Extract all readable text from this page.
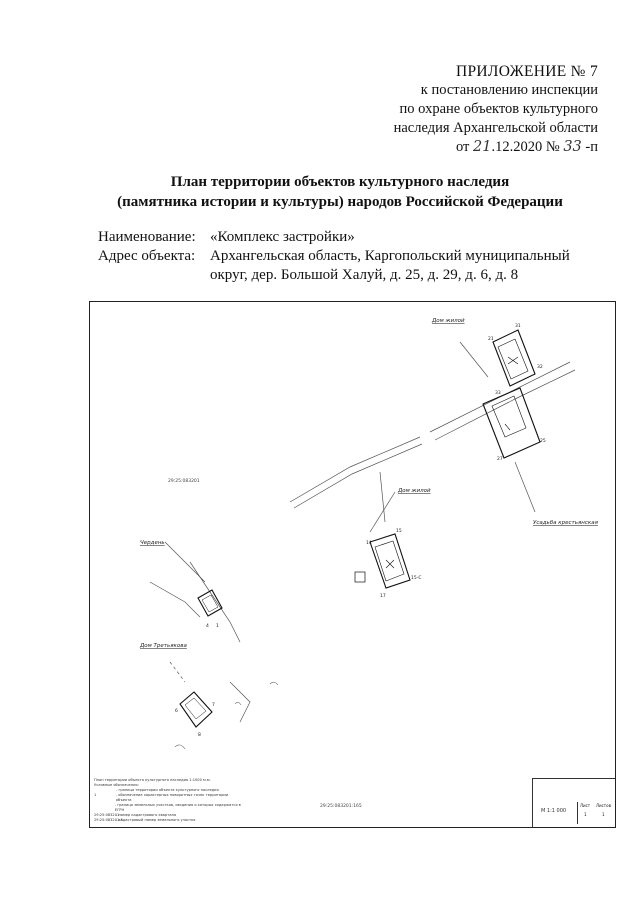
ПРИЛОЖЕНИЕ № 7
к постановлению инспекции
по охране объектов культурного
наследия Архангельской области
от 21.12.2020 № 33 -п
План территории объектов культурного наследия
(памятника истории и культуры) народов Российской Федерации
Наименование: «Комплекс застройки»
Адрес объекта: Архангельская область, Каргопольский муниципальный округ, дер. Большой Халуй, д. 25, д. 29, д. 6, д. 8
Дом жилой
Дом жилой
Усадьба крестьянская
Чердень
Дом Третьякова
29:25:083201
29:25:083201:165
21
31
32
33
25
27
14
15
15-С
17
4 1
6
7
8
План территории объекта культурного наследия 1:1000 м.м.
Условные обозначения:
- граница территории объекта культурного наследия
1	- обозначение характерных поворотных точек территории объекта
- граница земельных участков, сведения о которых содержатся в ЕГРН
29:25:083201
- номер кадастрового квартала
29:25:083201:5
- кадастровый номер земельного участка
М 1:1 000
Лист Листов
1	1
